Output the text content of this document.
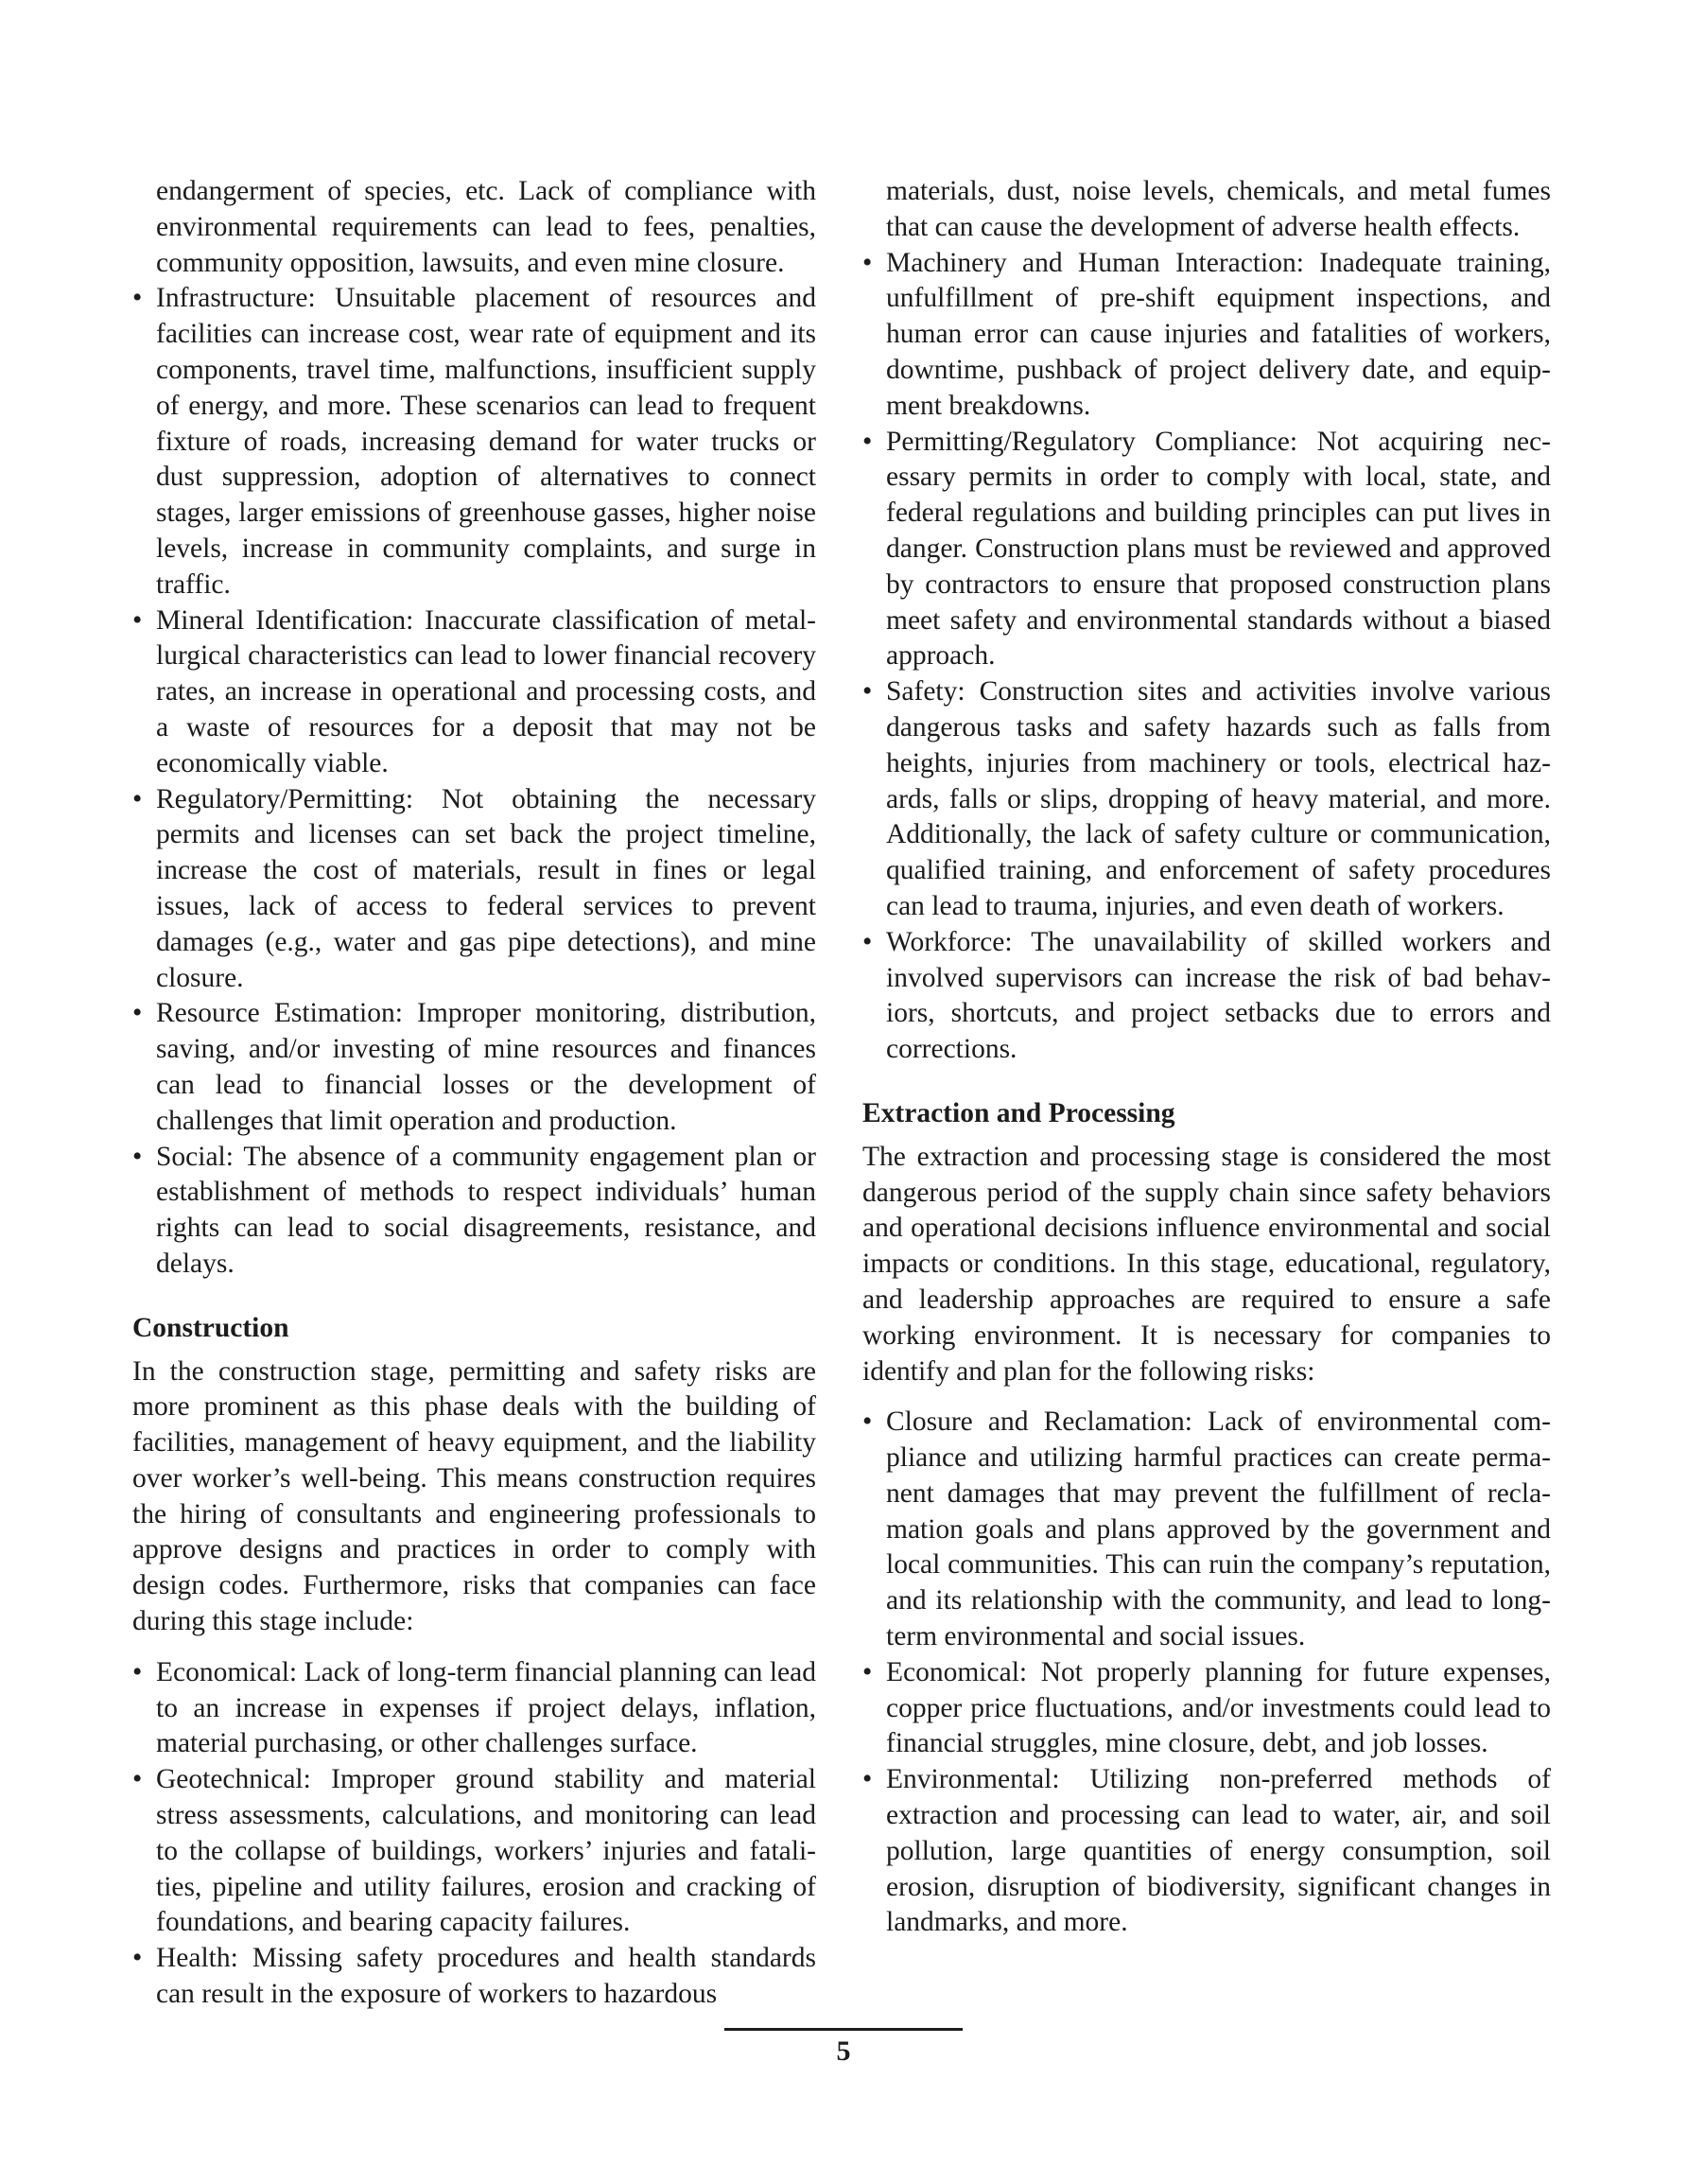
endangerment of species, etc. Lack of compliance with environmental requirements can lead to fees, penalties, community opposition, lawsuits, and even mine closure.

• Infrastructure: Unsuitable placement of resources and facilities can increase cost, wear rate of equipment and its components, travel time, malfunctions, insufficient supply of energy, and more. These scenarios can lead to frequent fixture of roads, increasing demand for water trucks or dust suppression, adoption of alternatives to connect stages, larger emissions of greenhouse gasses, higher noise levels, increase in community complaints, and surge in traffic.
• Mineral Identification: Inaccurate classification of metallurgical characteristics can lead to lower financial recovery rates, an increase in operational and processing costs, and a waste of resources for a deposit that may not be economically viable.
• Regulatory/Permitting: Not obtaining the necessary permits and licenses can set back the project timeline, increase the cost of materials, result in fines or legal issues, lack of access to federal services to prevent damages (e.g., water and gas pipe detections), and mine closure.
• Resource Estimation: Improper monitoring, distribution, saving, and/or investing of mine resources and finances can lead to financial losses or the development of challenges that limit operation and production.
• Social: The absence of a community engagement plan or establishment of methods to respect individuals’ human rights can lead to social disagreements, resistance, and delays.
Construction

In the construction stage, permitting and safety risks are more prominent as this phase deals with the building of facilities, management of heavy equipment, and the liability over worker’s well-being. This means construction requires the hiring of consultants and engineering professionals to approve designs and practices in order to comply with design codes. Furthermore, risks that companies can face during this stage include:

• Economical: Lack of long-term financial planning can lead to an increase in expenses if project delays, inflation, material purchasing, or other challenges surface.
• Geotechnical: Improper ground stability and material stress assessments, calculations, and monitoring can lead to the collapse of buildings, workers’ injuries and fatalities, pipeline and utility failures, erosion and cracking of foundations, and bearing capacity failures.
• Health: Missing safety procedures and health standards can result in the exposure of workers to hazardous

materials, dust, noise levels, chemicals, and metal fumes that can cause the development of adverse health effects.

• Machinery and Human Interaction: Inadequate training, unfulfillment of pre-shift equipment inspections, and human error can cause injuries and fatalities of workers, downtime, pushback of project delivery date, and equipment breakdowns.
• Permitting/Regulatory Compliance: Not acquiring necessary permits in order to comply with local, state, and federal regulations and building principles can put lives in danger. Construction plans must be reviewed and approved by contractors to ensure that proposed construction plans meet safety and environmental standards without a biased approach.
• Safety: Construction sites and activities involve various dangerous tasks and safety hazards such as falls from heights, injuries from machinery or tools, electrical hazards, falls or slips, dropping of heavy material, and more. Additionally, the lack of safety culture or communication, qualified training, and enforcement of safety procedures can lead to trauma, injuries, and even death of workers.
• Workforce: The unavailability of skilled workers and involved supervisors can increase the risk of bad behaviors, shortcuts, and project setbacks due to errors and corrections.
Extraction and Processing

The extraction and processing stage is considered the most dangerous period of the supply chain since safety behaviors and operational decisions influence environmental and social impacts or conditions. In this stage, educational, regulatory, and leadership approaches are required to ensure a safe working environment. It is necessary for companies to identify and plan for the following risks:

• Closure and Reclamation: Lack of environmental compliance and utilizing harmful practices can create permanent damages that may prevent the fulfillment of reclamation goals and plans approved by the government and local communities. This can ruin the company’s reputation, and its relationship with the community, and lead to long-term environmental and social issues.
• Economical: Not properly planning for future expenses, copper price fluctuations, and/or investments could lead to financial struggles, mine closure, debt, and job losses.
• Environmental: Utilizing non-preferred methods of extraction and processing can lead to water, air, and soil pollution, large quantities of energy consumption, soil erosion, disruption of biodiversity, significant changes in landmarks, and more.
5
